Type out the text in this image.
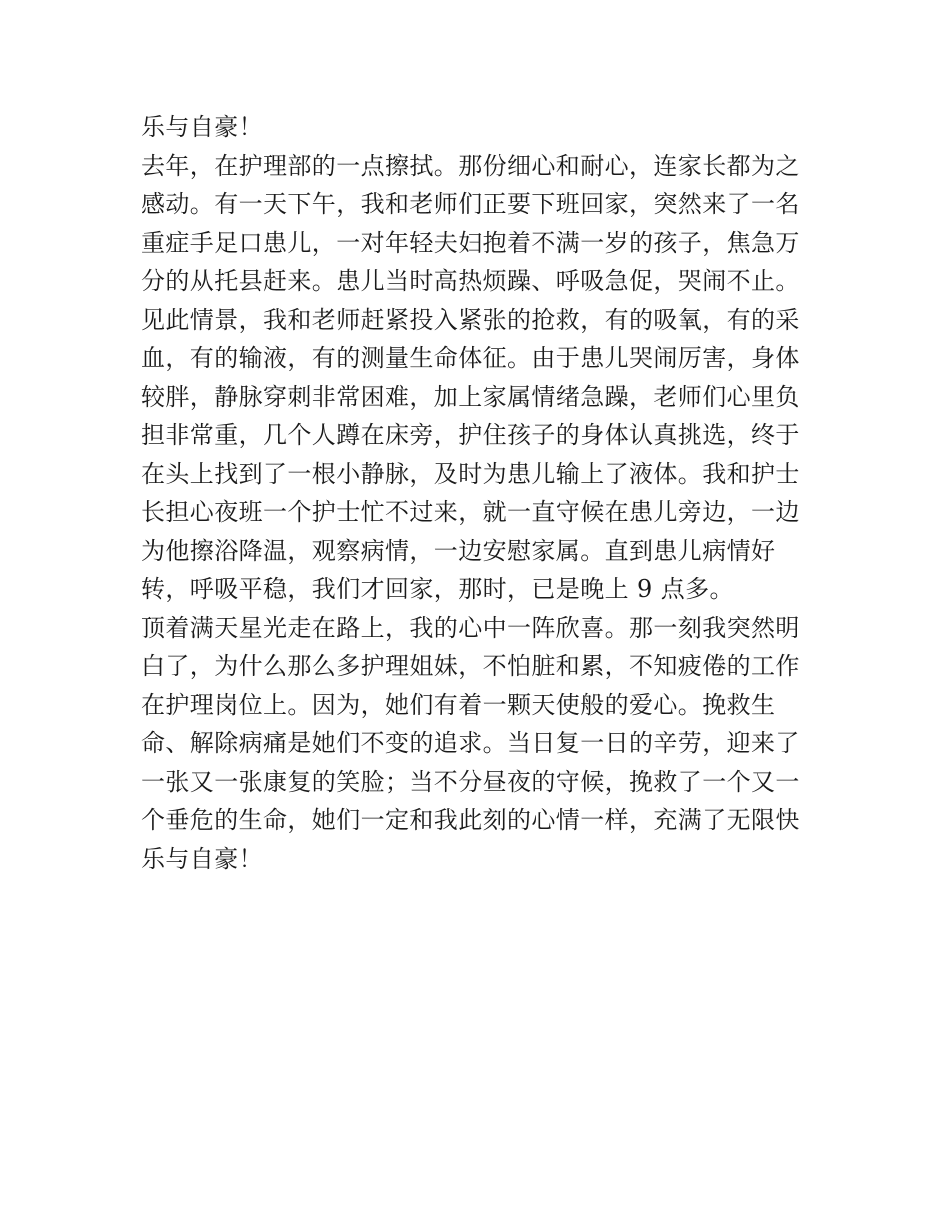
乐与自豪！
去年，在护理部的一点擦拭。那份细心和耐心，连家长都为之
感动。有一天下午，我和老师们正要下班回家，突然来了一名
重症手足口患儿，一对年轻夫妇抱着不满一岁的孩子，焦急万
分的从托县赶来。患儿当时高热烦躁、呼吸急促，哭闹不止。
见此情景，我和老师赶紧投入紧张的抢救，有的吸氧，有的采
血，有的输液，有的测量生命体征。由于患儿哭闹厉害，身体
较胖，静脉穿刺非常困难，加上家属情绪急躁，老师们心里负
担非常重，几个人蹲在床旁，护住孩子的身体认真挑选，终于
在头上找到了一根小静脉，及时为患儿输上了液体。我和护士
长担心夜班一个护士忙不过来，就一直守候在患儿旁边，一边
为他擦浴降温，观察病情，一边安慰家属。直到患儿病情好
转，呼吸平稳，我们才回家，那时，已是晚上 9 点多。
顶着满天星光走在路上，我的心中一阵欣喜。那一刻我突然明
白了，为什么那么多护理姐妹，不怕脏和累，不知疲倦的工作
在护理岗位上。因为，她们有着一颗天使般的爱心。挽救生
命、解除病痛是她们不变的追求。当日复一日的辛劳，迎来了
一张又一张康复的笑脸；当不分昼夜的守候，挽救了一个又一
个垂危的生命，她们一定和我此刻的心情一样，充满了无限快
乐与自豪！
